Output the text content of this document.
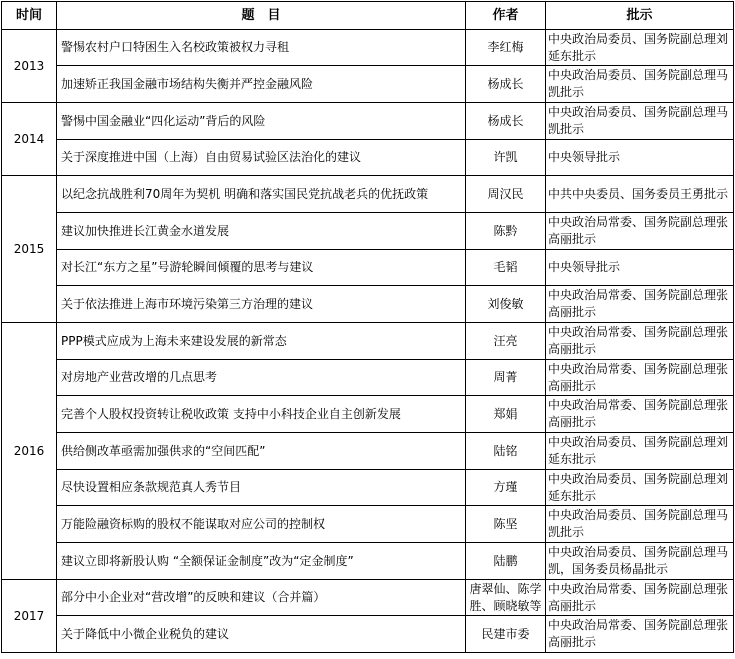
时间	题　目	作者	批示
2013	警惕农村户口特困生入名校政策被权力寻租	李红梅	中央政治局委员、国务院副总理刘延东批示
	加速矫正我国金融市场结构失衡并严控金融风险	杨成长	中央政治局委员、国务院副总理马凯批示
2014	警惕中国金融业“四化运动”背后的风险	杨成长	中央政治局委员、国务院副总理马凯批示
	关于深度推进中国（上海）自由贸易试验区法治化的建议	许凯	中央领导批示
2015	以纪念抗战胜利70周年为契机 明确和落实国民党抗战老兵的优抚政策	周汉民	中共中央委员、国务委员王勇批示
	建议加快推进长江黄金水道发展	陈黔	中央政治局常委、国务院副总理张高丽批示
	对长江“东方之星”号游轮瞬间倾覆的思考与建议	毛韬	中央领导批示
	关于依法推进上海市环境污染第三方治理的建议	刘俊敏	中央政治局常委、国务院副总理张高丽批示
2016	PPP模式应成为上海未来建设发展的新常态	汪亮	中央政治局常委、国务院副总理张高丽批示
	对房地产业营改增的几点思考	周菁	中央政治局常委、国务院副总理张高丽批示
	完善个人股权投资转让税收政策 支持中小科技企业自主创新发展	郑娟	中央政治局常委、国务院副总理张高丽批示
	供给侧改革亟需加强供求的“空间匹配”	陆铭	中央政治局委员、国务院副总理刘延东批示
	尽快设置相应条款规范真人秀节目	方瑾	中央政治局委员、国务院副总理刘延东批示
	万能险融资标购的股权不能谋取对应公司的控制权	陈坚	中央政治局委员、国务院副总理马凯批示
	建议立即将新股认购 “全额保证金制度”改为“定金制度”	陆鹏	中央政治局委员、国务院副总理马凯，国务委员杨晶批示
2017	部分中小企业对“营改增”的反映和建议（合并篇）	唐翠仙、陈学胜、顾晓敏等	中央政治局常委、国务院副总理张高丽批示
	关于降低中小微企业税负的建议	民建市委	中央政治局常委、国务院副总理张高丽批示
